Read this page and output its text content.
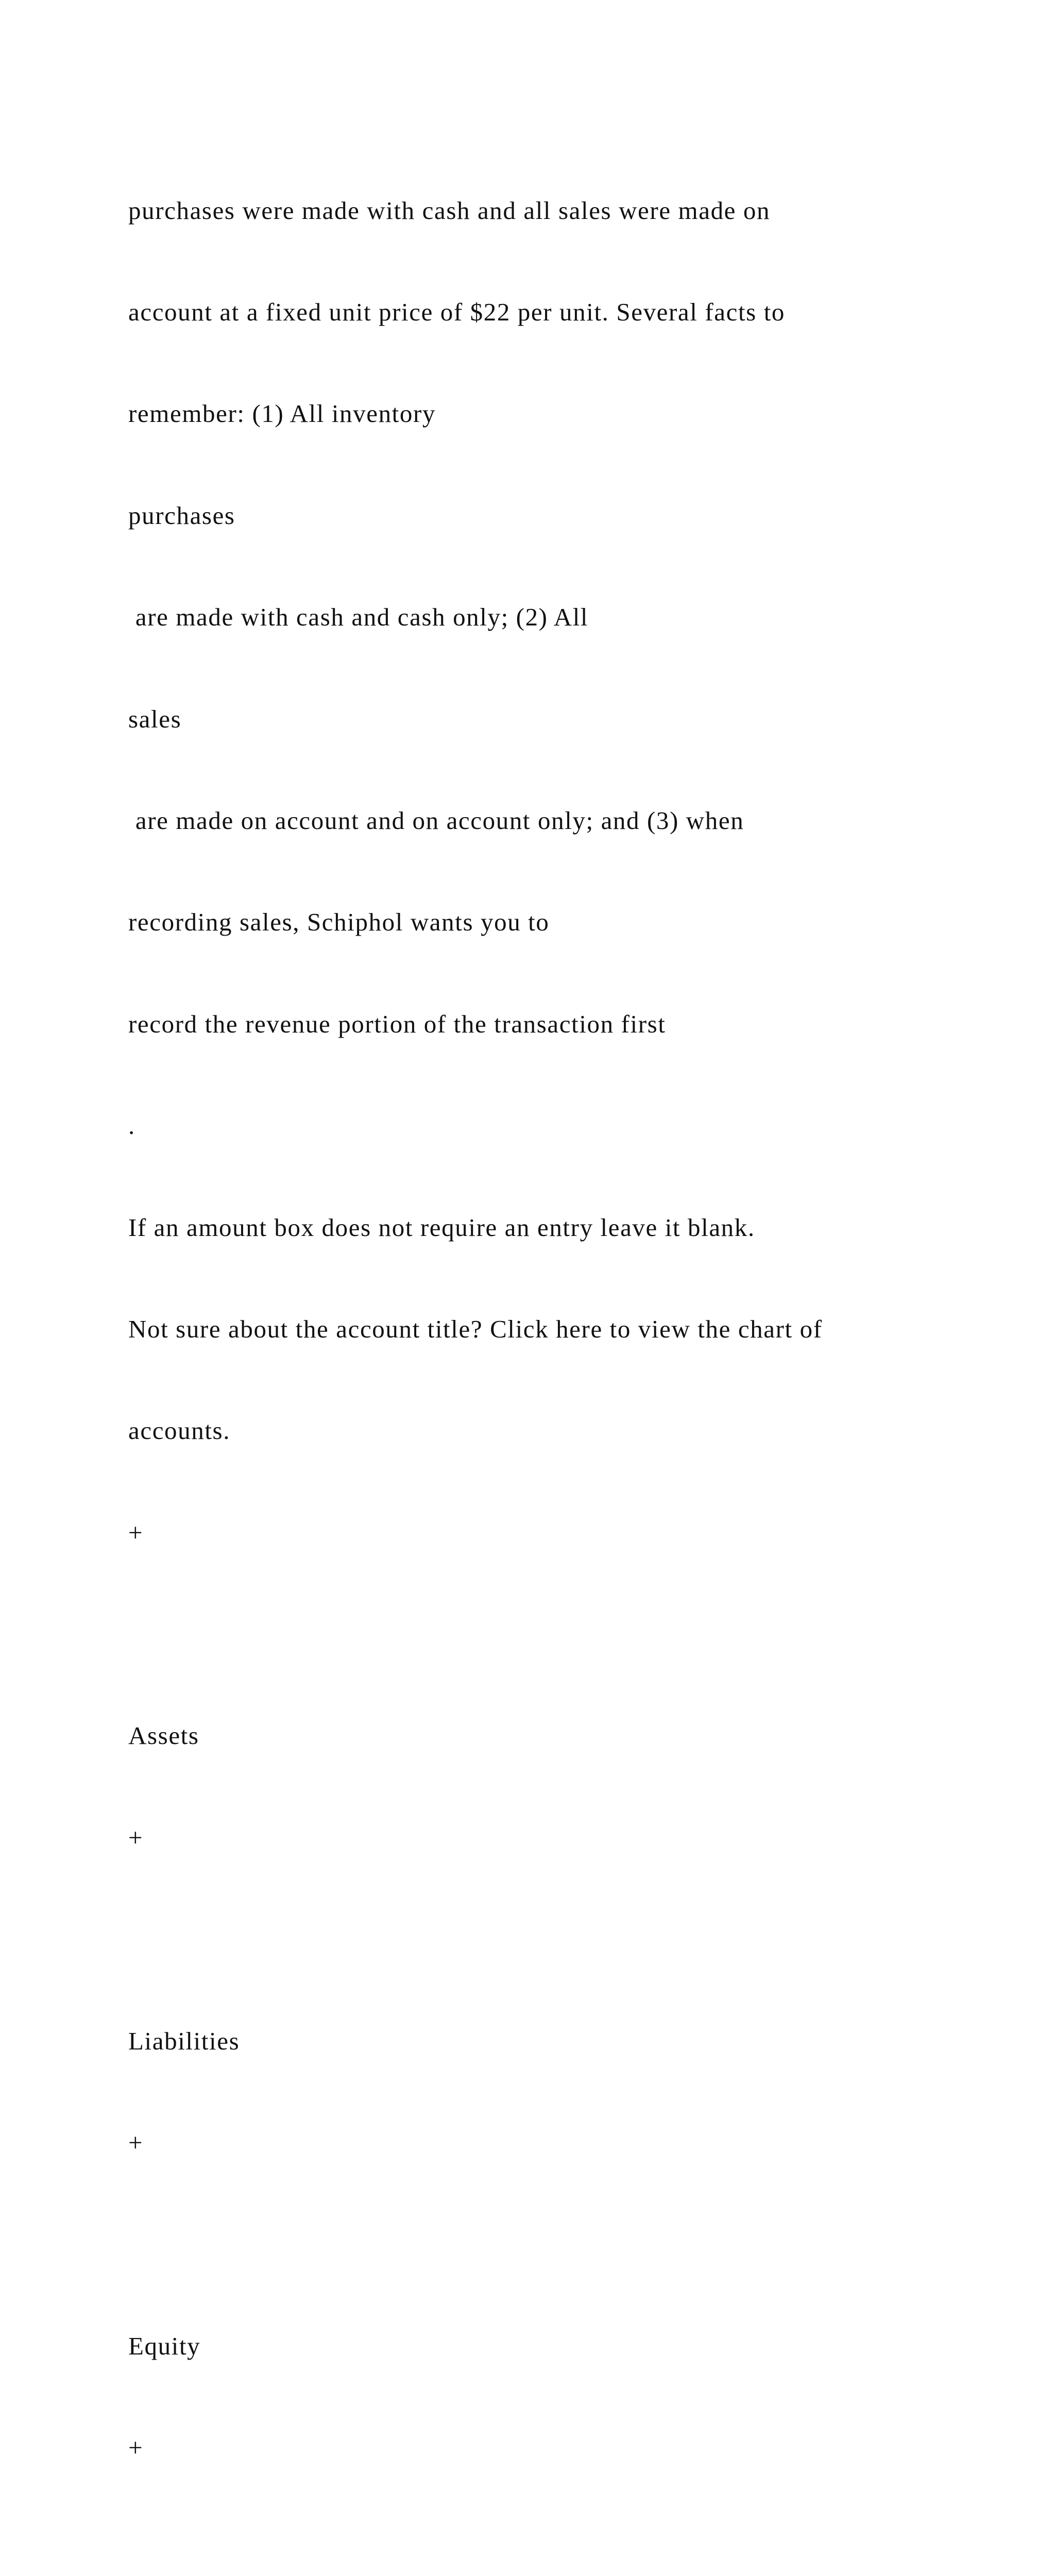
purchases were made with cash and all sales were made on

account at a fixed unit price of $22 per unit. Several facts to

remember: (1) All inventory

purchases

are made with cash and cash only; (2) All

sales

are made on account and on account only; and (3) when

recording sales, Schiphol wants you to

record the revenue portion of the transaction first

.

If an amount box does not require an entry leave it blank.

Not sure about the account title? Click here to view the chart of

accounts.

+

Assets

+

Liabilities

+

Equity

+
